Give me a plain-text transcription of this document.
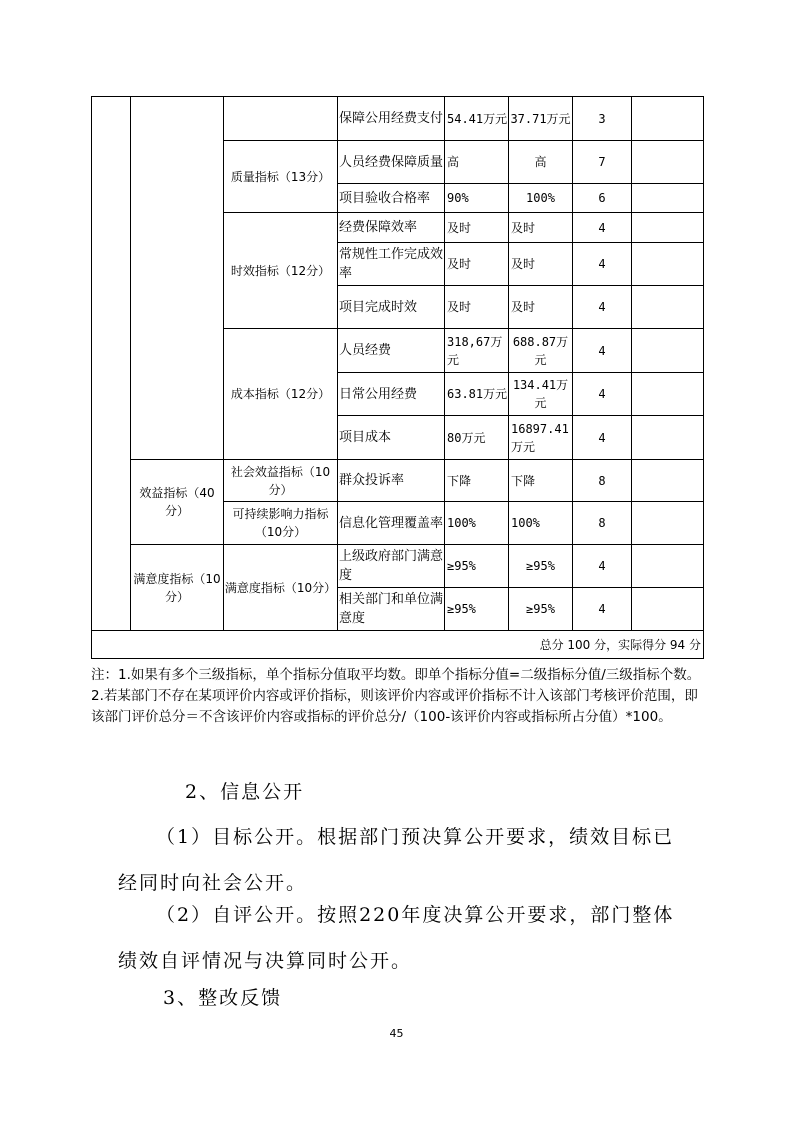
			保障公用经费支付	54.41万元	37.71万元	3	
		质量指标（13分）	人员经费保障质量	高	高	7	
			项目验收合格率	90%	100%	6	
		时效指标（12分）	经费保障效率	及时	及时	4	
			常规性工作完成效率	及时	及时	4	
			项目完成时效	及时	及时	4	
		成本指标（12分）	人员经费	318,67万元	688.87万元	4	
			日常公用经费	63.81万元	134.41万元	4	
			项目成本	80万元	16897.41万元	4	
	效益指标（40分）	社会效益指标（10分）	群众投诉率	下降	下降	8	
		可持续影响力指标（10分）	信息化管理覆盖率	100%	100%	8	
	满意度指标（10分）	满意度指标（10分）	上级政府部门满意度	≥95%	≥95%	4	
			相关部门和单位满意度	≥95%	≥95%	4	
总分 100 分，实际得分 94 分							

注：1.如果有多个三级指标，单个指标分值取平均数。即单个指标分值=二级指标分值/三级指标个数。

2.若某部门不存在某项评价内容或评价指标，则该评价内容或评价指标不计入该部门考核评价范围，即该部门评价总分＝不含该评价内容或指标的评价总分/（100-该评价内容或指标所占分值）*100。

2、信息公开
（1）目标公开。根据部门预决算公开要求，绩效目标已经同时向社会公开。
（2）自评公开。按照220年度决算公开要求，部门整体绩效自评情况与决算同时公开。
3、整改反馈
45
